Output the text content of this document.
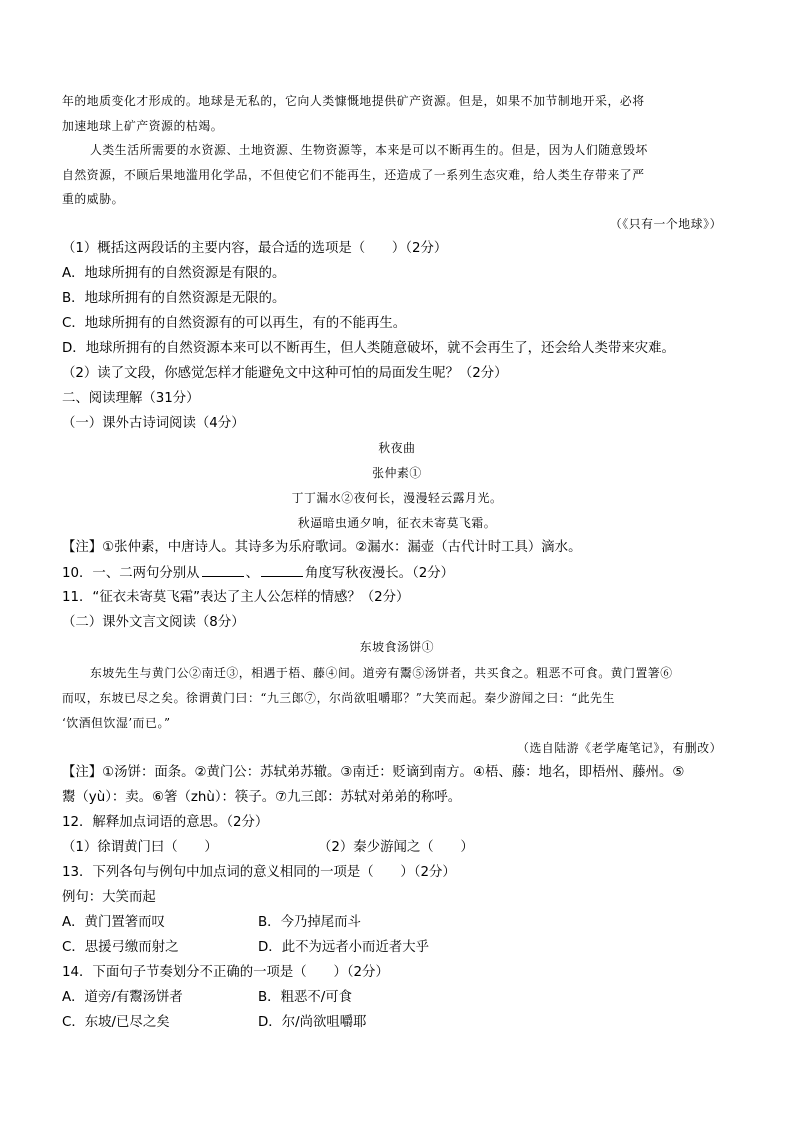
年的地质变化才形成的。地球是无私的，它向人类慷慨地提供矿产资源。但是，如果不加节制地开采，必将
加速地球上矿产资源的枯竭。
人类生活所需要的水资源、土地资源、生物资源等，本来是可以不断再生的。但是，因为人们随意毁坏
自然资源，不顾后果地滥用化学品，不但使它们不能再生，还造成了一系列生态灾难，给人类生存带来了严
重的威胁。
（《只有一个地球》）
（1）概括这两段话的主要内容，最合适的选项是（　　）（2分）
A．地球所拥有的自然资源是有限的。
B．地球所拥有的自然资源是无限的。
C．地球所拥有的自然资源有的可以再生，有的不能再生。
D．地球所拥有的自然资源本来可以不断再生，但人类随意破坏，就不会再生了，还会给人类带来灾难。
（2）读了文段，你感觉怎样才能避免文中这种可怕的局面发生呢？（2分）
二、阅读理解（31分）
（一）课外古诗词阅读（4分）
秋夜曲
张仲素①
丁丁漏水②夜何长，漫漫轻云露月光。
秋逼暗虫通夕响，征衣未寄莫飞霜。
【注】①张仲素，中唐诗人。其诗多为乐府歌词。②漏水：漏壶（古代计时工具）滴水。
10．一、二两句分别从	、	角度写秋夜漫长。（2分）
11．“征衣未寄莫飞霜”表达了主人公怎样的情感？（2分）
（二）课外文言文阅读（8分）
东坡食汤饼①
东坡先生与黄门公②南迁③，相遇于梧、藤④间。道旁有鬻⑤汤饼者，共买食之。粗恶不可食。黄门置箸⑥
而叹，东坡已尽之矣。徐谓黄门曰：“九三郎⑦，尔尚欲咀嚼耶？”大笑而起。秦少游闻之曰：“此先生
‘饮酒但饮湿’而已。”
（选自陆游《老学庵笔记》，有删改）
【注】①汤饼：面条。②黄门公：苏轼弟苏辙。③南迁：贬谪到南方。④梧、藤：地名，即梧州、藤州。⑤
鬻（yù）：卖。⑥箸（zhù）：筷子。⑦九三郎：苏轼对弟弟的称呼。
12．解释加点词语的意思。（2分）
（1）徐谓黄门曰（　　）	（2）秦少游闻之（　　）
13．下列各句与例句中加点词的意义相同的一项是（　　）（2分）
例句：大笑而起
A．黄门置箸而叹	B．今乃掉尾而斗
C．思援弓缴而射之	D．此不为远者小而近者大乎
14．下面句子节奏划分不正确的一项是（　　）（2分）
A．道旁/有鬻汤饼者	B．粗恶不/可食
C．东坡/已尽之矣	D．尔/尚欲咀嚼耶
